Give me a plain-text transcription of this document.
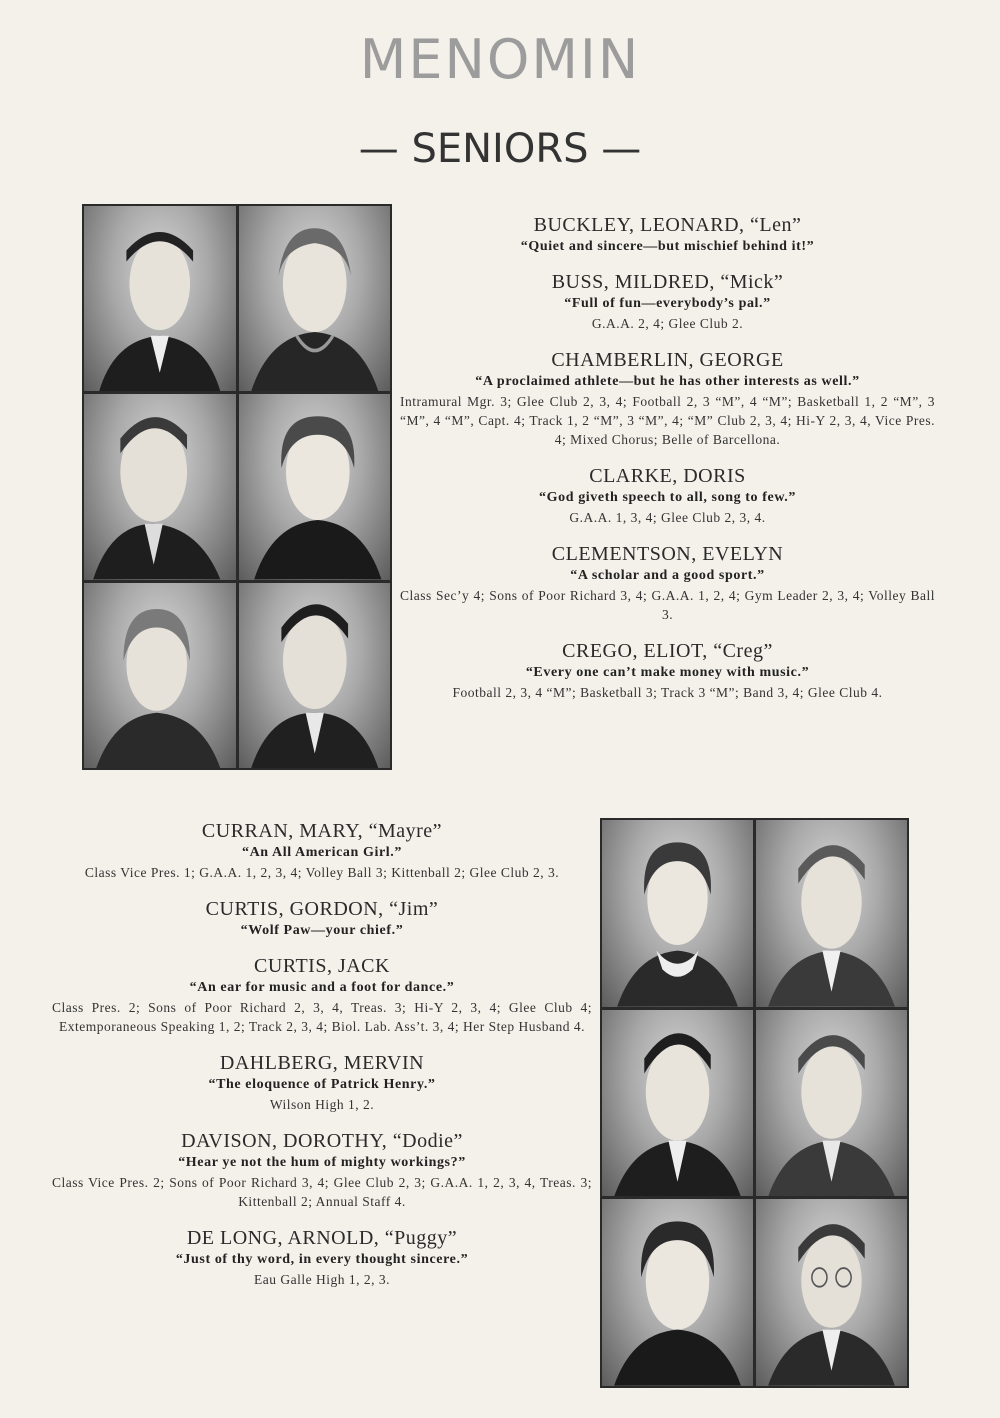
MENOMIN
— SENIORS —
BUCKLEY, LEONARD, “Len”
“Quiet and sincere—but mischief behind it!”
BUSS, MILDRED, “Mick”
“Full of fun—everybody’s pal.”
G.A.A. 2, 4; Glee Club 2.
CHAMBERLIN, GEORGE
“A proclaimed athlete—but he has other interests as well.”
Intramural Mgr. 3; Glee Club 2, 3, 4; Football 2, 3 “M”, 4 “M”; Basketball 1, 2 “M”, 3 “M”, 4 “M”, Capt. 4; Track 1, 2 “M”, 3 “M”, 4; “M” Club 2, 3, 4; Hi-Y 2, 3, 4, Vice Pres. 4; Mixed Chorus; Belle of Barcellona.
CLARKE, DORIS
“God giveth speech to all, song to few.”
G.A.A. 1, 3, 4; Glee Club 2, 3, 4.
CLEMENTSON, EVELYN
“A scholar and a good sport.”
Class Sec’y 4; Sons of Poor Richard 3, 4; G.A.A. 1, 2, 4; Gym Leader 2, 3, 4; Volley Ball 3.
CREGO, ELIOT, “Creg”
“Every one can’t make money with music.”
Football 2, 3, 4 “M”; Basketball 3; Track 3 “M”; Band 3, 4; Glee Club 4.
CURRAN, MARY, “Mayre”
“An All American Girl.”
Class Vice Pres. 1; G.A.A. 1, 2, 3, 4; Volley Ball 3; Kittenball 2; Glee Club 2, 3.
CURTIS, GORDON, “Jim”
“Wolf Paw—your chief.”
CURTIS, JACK
“An ear for music and a foot for dance.”
Class Pres. 2; Sons of Poor Richard 2, 3, 4, Treas. 3; Hi-Y 2, 3, 4; Glee Club 4; Extemporaneous Speaking 1, 2; Track 2, 3, 4; Biol. Lab. Ass’t. 3, 4; Her Step Husband 4.
DAHLBERG, MERVIN
“The eloquence of Patrick Henry.”
Wilson High 1, 2.
DAVISON, DOROTHY, “Dodie”
“Hear ye not the hum of mighty workings?”
Class Vice Pres. 2; Sons of Poor Richard 3, 4; Glee Club 2, 3; G.A.A. 1, 2, 3, 4, Treas. 3; Kittenball 2; Annual Staff 4.
DE LONG, ARNOLD, “Puggy”
“Just of thy word, in every thought sincere.”
Eau Galle High 1, 2, 3.
